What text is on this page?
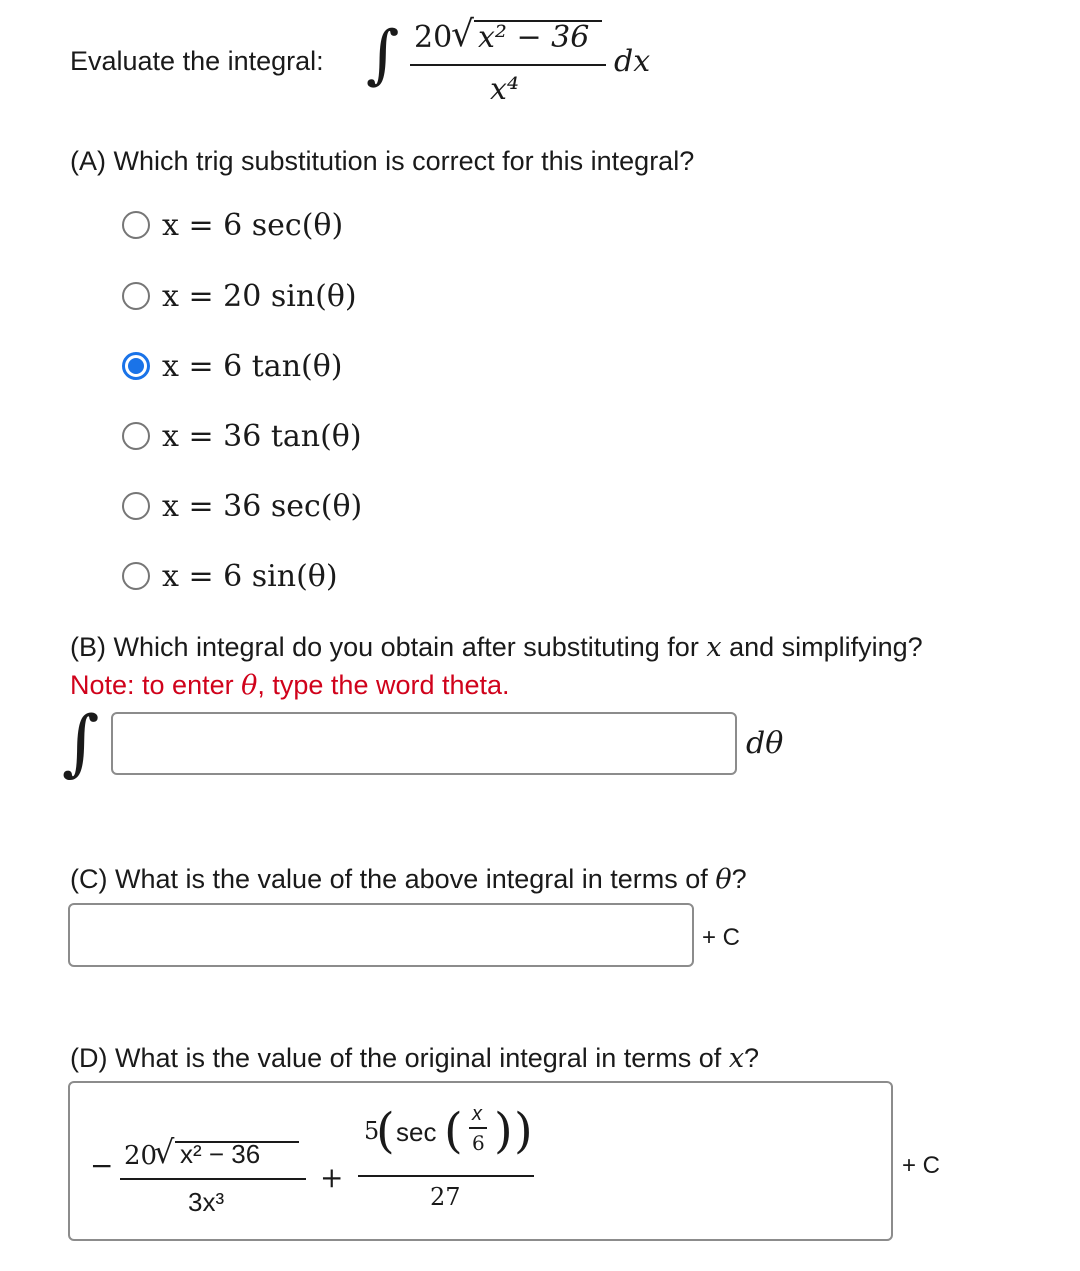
Evaluate the integral: ∫ 20
√ x² − 36
x⁴
dx
(A) Which trig substitution is correct for this integral?
x = 6 sec(θ)
x = 20 sin(θ)
x = 6 tan(θ)
x = 36 tan(θ)
x = 36 sec(θ)
x = 6 sin(θ)
(B) Which integral do you obtain after substituting for x and simplifying?
Note: to enter θ, type the word theta.
∫	dθ
(C) What is the value of the above integral in terms of θ?
+ C
(D) What is the value of the original integral in terms of x?
− 20
√ x² − 36
3x³
+
5
( sec ( x
6 ) )
27
+ C
